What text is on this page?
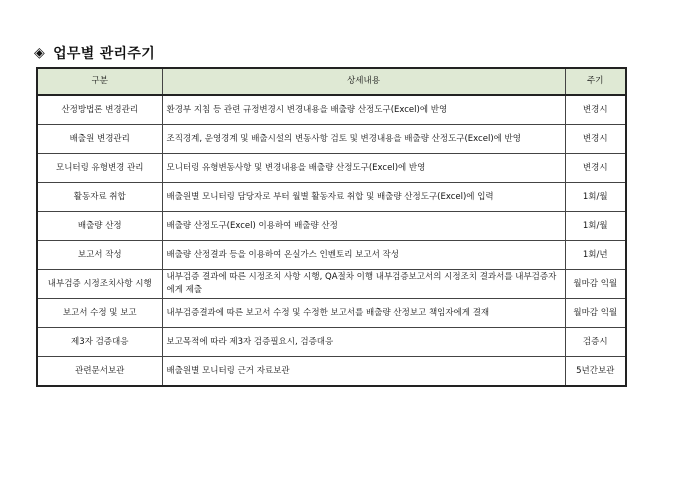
◈ 업무별 관리주기
구분	상세내용	주기
산정방법론 변경관리	환경부 지침 등 관련 규정변경시 변경내용을 배출량 산정도구(Excel)에 반영	변경시
배출원 변경관리	조직경계, 운영경계 및 배출시설의 변동사항 검토 및 변경내용을 배출량 산정도구(Excel)에 반영	변경시
모니터링 유형변경 관리	모니터링 유형변동사항 및 변경내용을 배출량 산정도구(Excel)에 반영	변경시
활동자료 취합	배출원별 모니터링 담당자로 부터 월별 활동자료 취합 및 배출량 산정도구(Excel)에 입력	1회/월
배출량 산정	배출량 산정도구(Excel) 이용하여 배출량 산정	1회/월
보고서 작성	배출량 산정결과 등을 이용하여 온실가스 인벤토리 보고서 작성	1회/년
내부검증 시정조치사항 시행	내부검증 결과에 따른 시정조치 사항 시행, QA절차 이행 내부검증보고서의 시정조치 결과서를 내부검증자에게 제출	월마감 익월
보고서 수정 및 보고	내부검증결과에 따른 보고서 수정 및 수정한 보고서를 배출량 산정보고 책임자에게 결재	월마감 익월
제3자 검증대응	보고목적에 따라 제3자 검증필요시, 검증대응	검증시
관련문서보관	배출원별 모니터링 근거 자료보관	5년간보관
